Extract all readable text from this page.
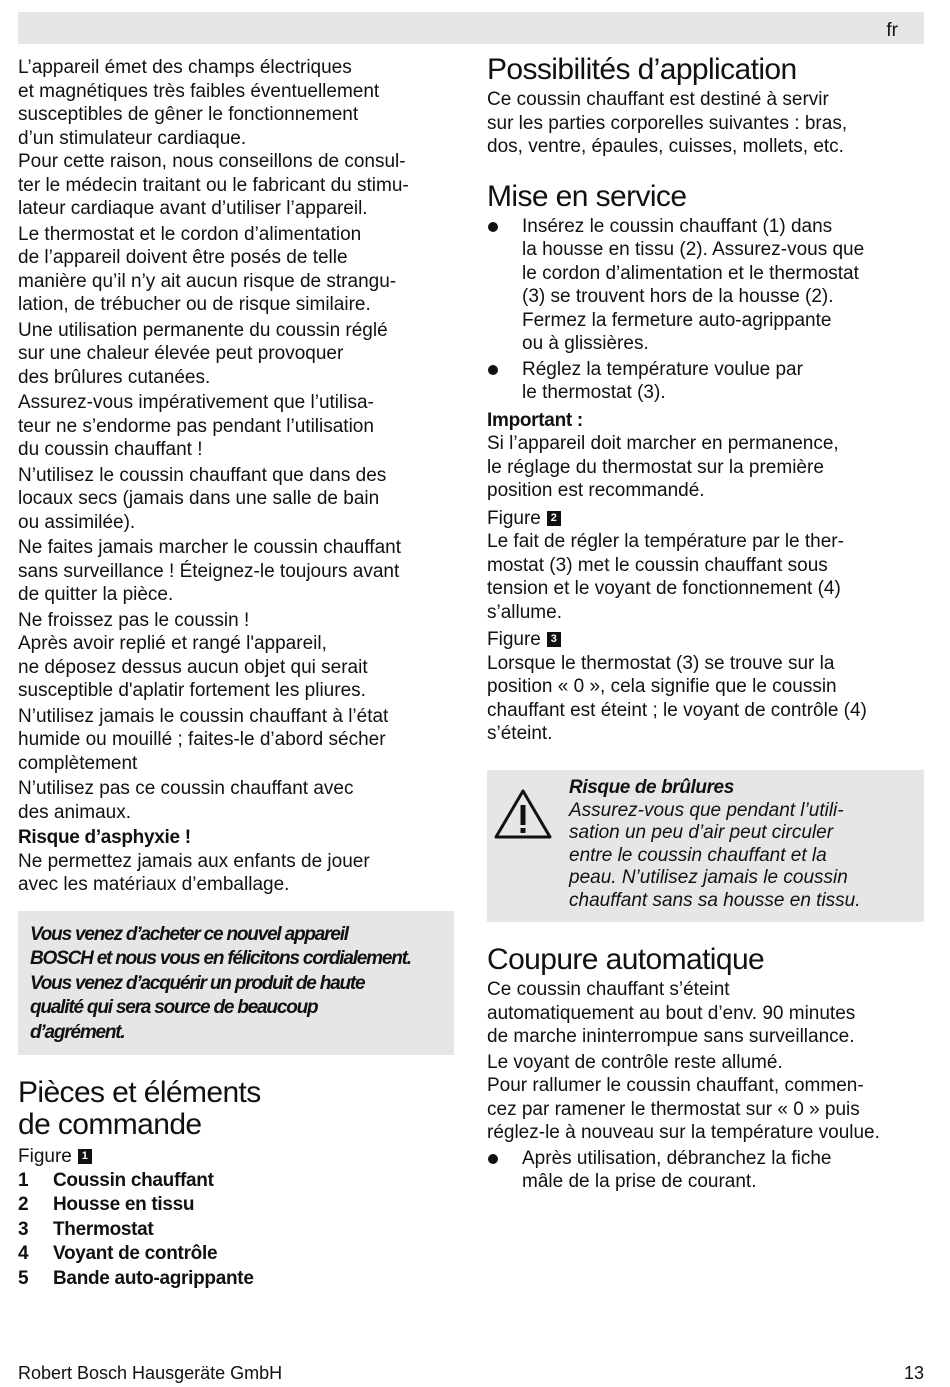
fr
L’appareil émet des champs électriques
et magnétiques très faibles éventuellement
susceptibles de gêner le fonctionnement
d’un stimulateur cardiaque.
Pour cette raison, nous conseillons de consul-
ter le médecin traitant ou le fabricant du stimu-
lateur cardiaque avant d’utiliser l’appareil.
Le thermostat et le cordon d’alimentation
de l’appareil doivent être posés de telle
manière qu’il n’y ait aucun risque de strangu-
lation, de trébucher ou de risque similaire.
Une utilisation permanente du coussin réglé
sur une chaleur élevée peut provoquer
des brûlures cutanées.
Assurez-vous impérativement que l’utilisa-
teur ne s’endorme pas pendant l’utilisation
du coussin chauffant !
N’utilisez le coussin chauffant que dans des
locaux secs (jamais dans une salle de bain
ou assimilée).
Ne faites jamais marcher le coussin chauffant
sans surveillance ! Éteignez-le toujours avant
de quitter la pièce.
Ne froissez pas le coussin !
Après avoir replié et rangé l'appareil,
ne déposez dessus aucun objet qui serait
susceptible d'aplatir fortement les pliures.
N’utilisez jamais le coussin chauffant à l’état
humide ou mouillé ; faites-le d’abord sécher
complètement
N’utilisez pas ce coussin chauffant avec
des animaux.
Risque d’asphyxie !
Ne permettez jamais aux enfants de jouer
avec les matériaux d’emballage.
Vous venez d’acheter ce nouvel appareil
BOSCH et nous vous en félicitons cordialement.
Vous venez d’acquérir un produit de haute
qualité qui sera source de beaucoup
d’agrément.
Pièces et éléments
de commande
Figure 1
1	Coussin chauffant
2	Housse en tissu
3	Thermostat
4	Voyant de contrôle
5	Bande auto-agrippante
Possibilités d’application
Ce coussin chauffant est destiné à servir
sur les parties corporelles suivantes : bras,
dos, ventre, épaules, cuisses, mollets, etc.
Mise en service
Insérez le coussin chauffant (1) dans
la housse en tissu (2). Assurez-vous que
le cordon d’alimentation et le thermostat
(3) se trouvent hors de la housse (2).
Fermez la fermeture auto-agrippante
ou à glissières.
Réglez la température voulue par
le thermostat (3).
Important :
Si l’appareil doit marcher en permanence,
le réglage du thermostat sur la première
position est recommandé.
Figure 2
Le fait de régler la température par le ther-
mostat (3) met le coussin chauffant sous
tension et le voyant de fonctionnement (4)
s’allume.
Figure 3
Lorsque le thermostat (3) se trouve sur la
position « 0 », cela signifie que le coussin
chauffant est éteint ; le voyant de contrôle (4)
s’éteint.
Risque de brûlures
Assurez-vous que pendant l’utili-
sation un peu d’air peut circuler
entre le coussin chauffant et la
peau. N’utilisez jamais le coussin
chauffant sans sa housse en tissu.
Coupure automatique
Ce coussin chauffant s’éteint
automatiquement au bout d’env. 90 minutes
de marche ininterrompue sans surveillance.
Le voyant de contrôle reste allumé.
Pour rallumer le coussin chauffant, commen-
cez par ramener le thermostat sur « 0 » puis
réglez-le à nouveau sur la température voulue.
Après utilisation, débranchez la fiche
mâle de la prise de courant.
Robert Bosch Hausgeräte GmbH	13
